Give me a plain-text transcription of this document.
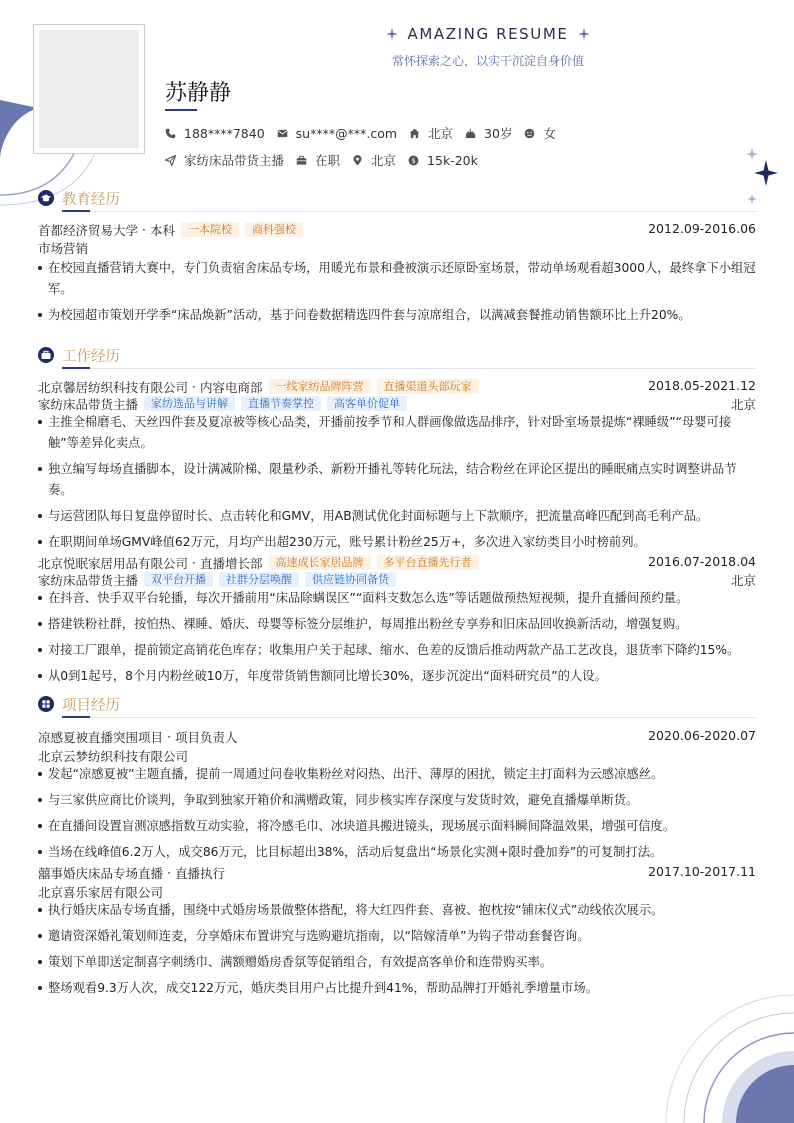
AMAZING RESUME
常怀探索之心，以实干沉淀自身价值
苏静静
188****7840 su****@***.com 北京 30岁 女
家纺床品带货主播 在职 北京 $ 15k-20k
教育经历
首都经济贸易大学 · 本科	一本院校	商科强校	2012.09-2016.06
市场营销
在校园直播营销大赛中，专门负责宿舍床品专场，用暖光布景和叠被演示还原卧室场景，带动单场观看超3000人，最终拿下小组冠军。
为校园超市策划开学季“床品焕新”活动，基于问卷数据精选四件套与凉席组合，以满减套餐推动销售额环比上升20%。
工作经历
北京馨居纺织科技有限公司 · 内容电商部	一线家纺品牌阵营	直播渠道头部玩家	2018.05-2021.12
家纺床品带货主播	家纺选品与讲解	直播节奏掌控	高客单价促单	北京
主推全棉磨毛、天丝四件套及夏凉被等核心品类，开播前按季节和人群画像做选品排序，针对卧室场景提炼“裸睡级”“母婴可接触”等差异化卖点。
独立编写每场直播脚本，设计满减阶梯、限量秒杀、新粉开播礼等转化玩法，结合粉丝在评论区提出的睡眠痛点实时调整讲品节奏。
与运营团队每日复盘停留时长、点击转化和GMV，用AB测试优化封面标题与上下款顺序，把流量高峰匹配到高毛利产品。
在职期间单场GMV峰值62万元，月均产出超230万元，账号累计粉丝25万+，多次进入家纺类目小时榜前列。
北京悦眠家居用品有限公司 · 直播增长部	高速成长家居品牌	多平台直播先行者	2016.07-2018.04
家纺床品带货主播	双平台开播	社群分层唤醒	供应链协同备货	北京
在抖音、快手双平台轮播，每次开播前用“床品除螨误区”“面料支数怎么选”等话题做预热短视频，提升直播间预约量。
搭建铁粉社群，按怕热、裸睡、婚庆、母婴等标签分层维护，每周推出粉丝专享券和旧床品回收换新活动，增强复购。
对接工厂跟单，提前锁定高销花色库存；收集用户关于起球、缩水、色差的反馈后推动两款产品工艺改良，退货率下降约15%。
从0到1起号，8个月内粉丝破10万，年度带货销售额同比增长30%，逐步沉淀出“面料研究员”的人设。
项目经历
凉感夏被直播突围项目 · 项目负责人	2020.06-2020.07
北京云梦纺织科技有限公司
发起“凉感夏被”主题直播，提前一周通过问卷收集粉丝对闷热、出汗、薄厚的困扰，锁定主打面料为云感凉感丝。
与三家供应商比价谈判，争取到独家开箱价和满赠政策，同步核实库存深度与发货时效，避免直播爆单断货。
在直播间设置盲测凉感指数互动实验，将冷感毛巾、冰块道具搬进镜头，现场展示面料瞬间降温效果，增强可信度。
当场在线峰值6.2万人，成交86万元，比目标超出38%，活动后复盘出“场景化实测+限时叠加券”的可复制打法。
囍事婚庆床品专场直播 · 直播执行	2017.10-2017.11
北京喜乐家居有限公司
执行婚庆床品专场直播，围绕中式婚房场景做整体搭配，将大红四件套、喜被、抱枕按“铺床仪式”动线依次展示。
邀请资深婚礼策划师连麦，分享婚床布置讲究与选购避坑指南，以“陪嫁清单”为钩子带动套餐咨询。
策划下单即送定制喜字刺绣巾、满额赠婚房香氛等促销组合，有效提高客单价和连带购买率。
整场观看9.3万人次，成交122万元，婚庆类目用户占比提升到41%，帮助品牌打开婚礼季增量市场。
